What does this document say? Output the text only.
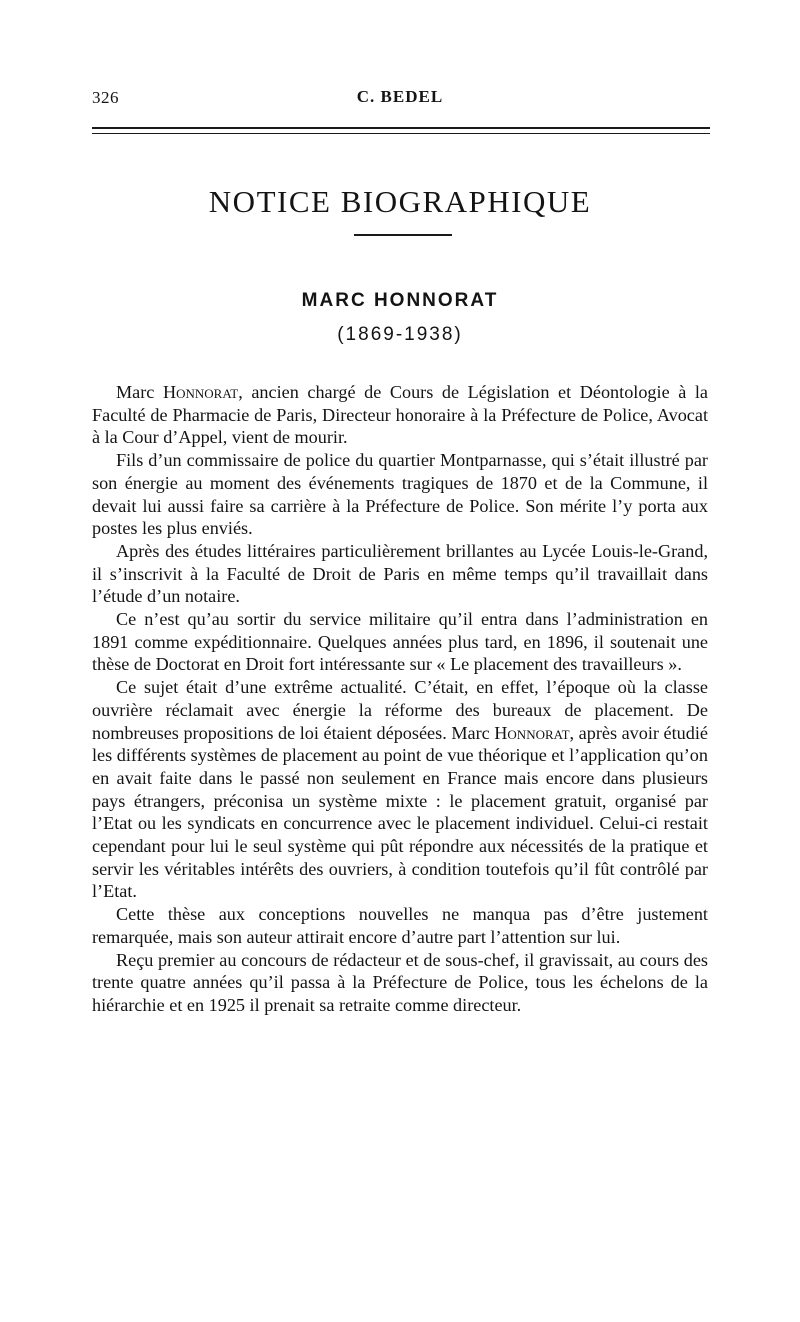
326	C. BEDEL
NOTICE BIOGRAPHIQUE
MARC HONNORAT
(1869-1938)

Marc Honnorat, ancien chargé de Cours de Législation et Déontologie à la Faculté de Pharmacie de Paris, Directeur honoraire à la Préfecture de Police, Avocat à la Cour d’Appel, vient de mourir.

Fils d’un commissaire de police du quartier Montparnasse, qui s’était illustré par son énergie au moment des événements tragiques de 1870 et de la Commune, il devait lui aussi faire sa carrière à la Préfecture de Police. Son mérite l’y porta aux postes les plus enviés.

Après des études littéraires particulièrement brillantes au Lycée Louis-le-Grand, il s’inscrivit à la Faculté de Droit de Paris en même temps qu’il travaillait dans l’étude d’un notaire.

Ce n’est qu’au sortir du service militaire qu’il entra dans l’administration en 1891 comme expéditionnaire. Quelques années plus tard, en 1896, il soutenait une thèse de Doctorat en Droit fort intéressante sur « Le placement des travailleurs ».

Ce sujet était d’une extrême actualité. C’était, en effet, l’époque où la classe ouvrière réclamait avec énergie la réforme des bureaux de placement. De nombreuses propositions de loi étaient déposées. Marc Honnorat, après avoir étudié les différents systèmes de placement au point de vue théorique et l’application qu’on en avait faite dans le passé non seulement en France mais encore dans plusieurs pays étrangers, préconisa un système mixte : le placement gratuit, organisé par l’Etat ou les syndicats en concurrence avec le placement individuel. Celui-ci restait cependant pour lui le seul système qui pût répondre aux nécessités de la pratique et servir les véritables intérêts des ouvriers, à condition toutefois qu’il fût contrôlé par l’Etat.

Cette thèse aux conceptions nouvelles ne manqua pas d’être justement remarquée, mais son auteur attirait encore d’autre part l’attention sur lui.

Reçu premier au concours de rédacteur et de sous-chef, il gravissait, au cours des trente quatre années qu’il passa à la Préfecture de Police, tous les échelons de la hiérarchie et en 1925 il prenait sa retraite comme directeur.
